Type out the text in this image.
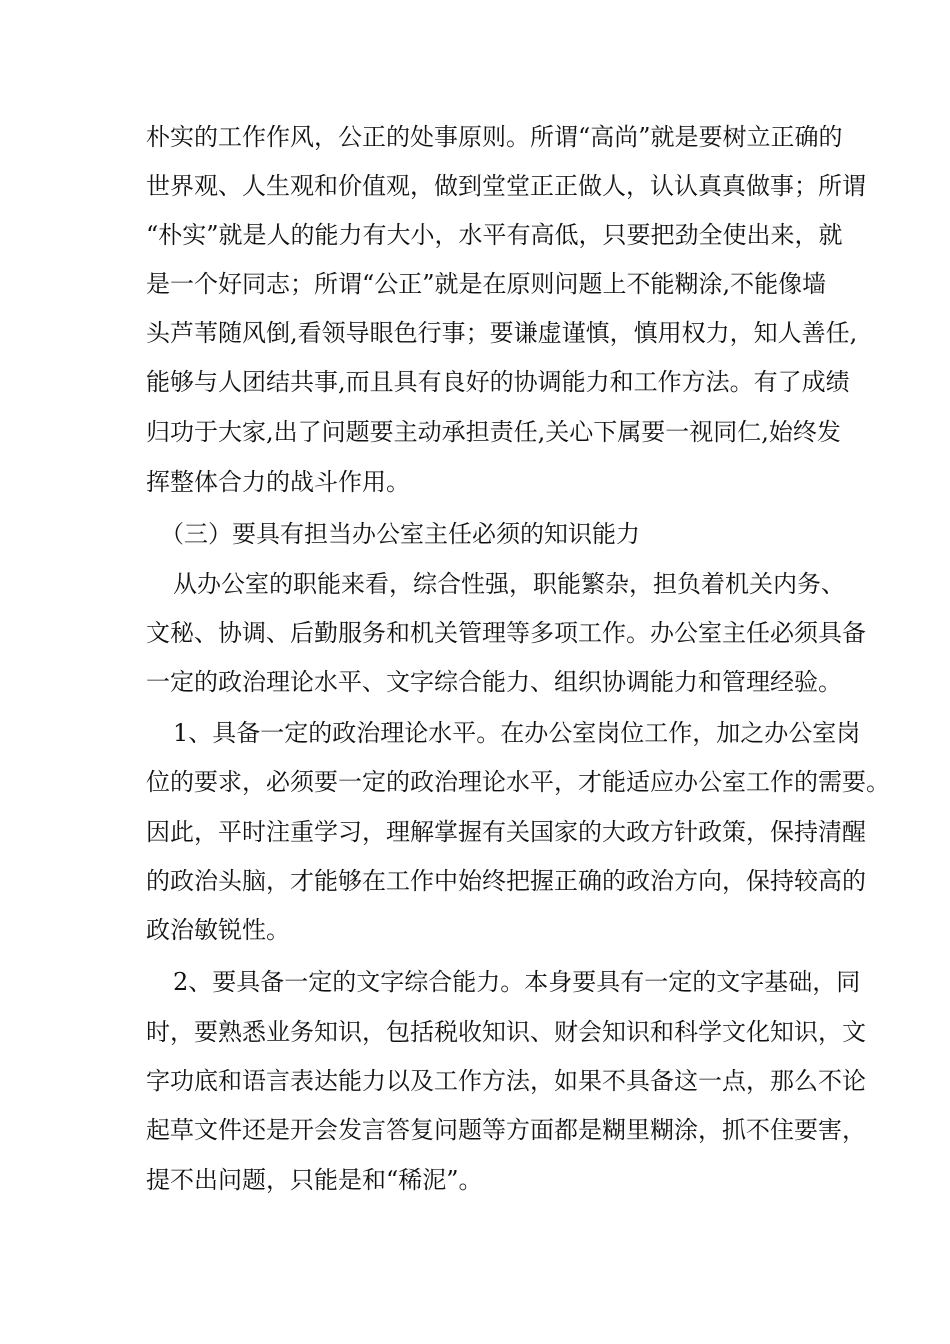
朴实的工作作风，公正的处事原则。所谓“高尚”就是要树立正确的
世界观、人生观和价值观，做到堂堂正正做人，认认真真做事；所谓
“朴实”就是人的能力有大小，水平有高低，只要把劲全使出来，就
是一个好同志；所谓“公正”就是在原则问题上不能糊涂,不能像墙
头芦苇随风倒,看领导眼色行事；要谦虚谨慎，慎用权力，知人善任,
能够与人团结共事,而且具有良好的协调能力和工作方法。有了成绩
归功于大家,出了问题要主动承担责任,关心下属要一视同仁,始终发
挥整体合力的战斗作用。
（三）要具有担当办公室主任必须的知识能力
从办公室的职能来看，综合性强，职能繁杂，担负着机关内务、
文秘、协调、后勤服务和机关管理等多项工作。办公室主任必须具备
一定的政治理论水平、文字综合能力、组织协调能力和管理经验。
1、具备一定的政治理论水平。在办公室岗位工作，加之办公室岗
位的要求，必须要一定的政治理论水平，才能适应办公室工作的需要。
因此，平时注重学习，理解掌握有关国家的大政方针政策，保持清醒
的政治头脑，才能够在工作中始终把握正确的政治方向，保持较高的
政治敏锐性。
2、要具备一定的文字综合能力。本身要具有一定的文字基础，同
时，要熟悉业务知识，包括税收知识、财会知识和科学文化知识，文
字功底和语言表达能力以及工作方法，如果不具备这一点，那么不论
起草文件还是开会发言答复问题等方面都是糊里糊涂，抓不住要害，
提不出问题，只能是和“稀泥”。
